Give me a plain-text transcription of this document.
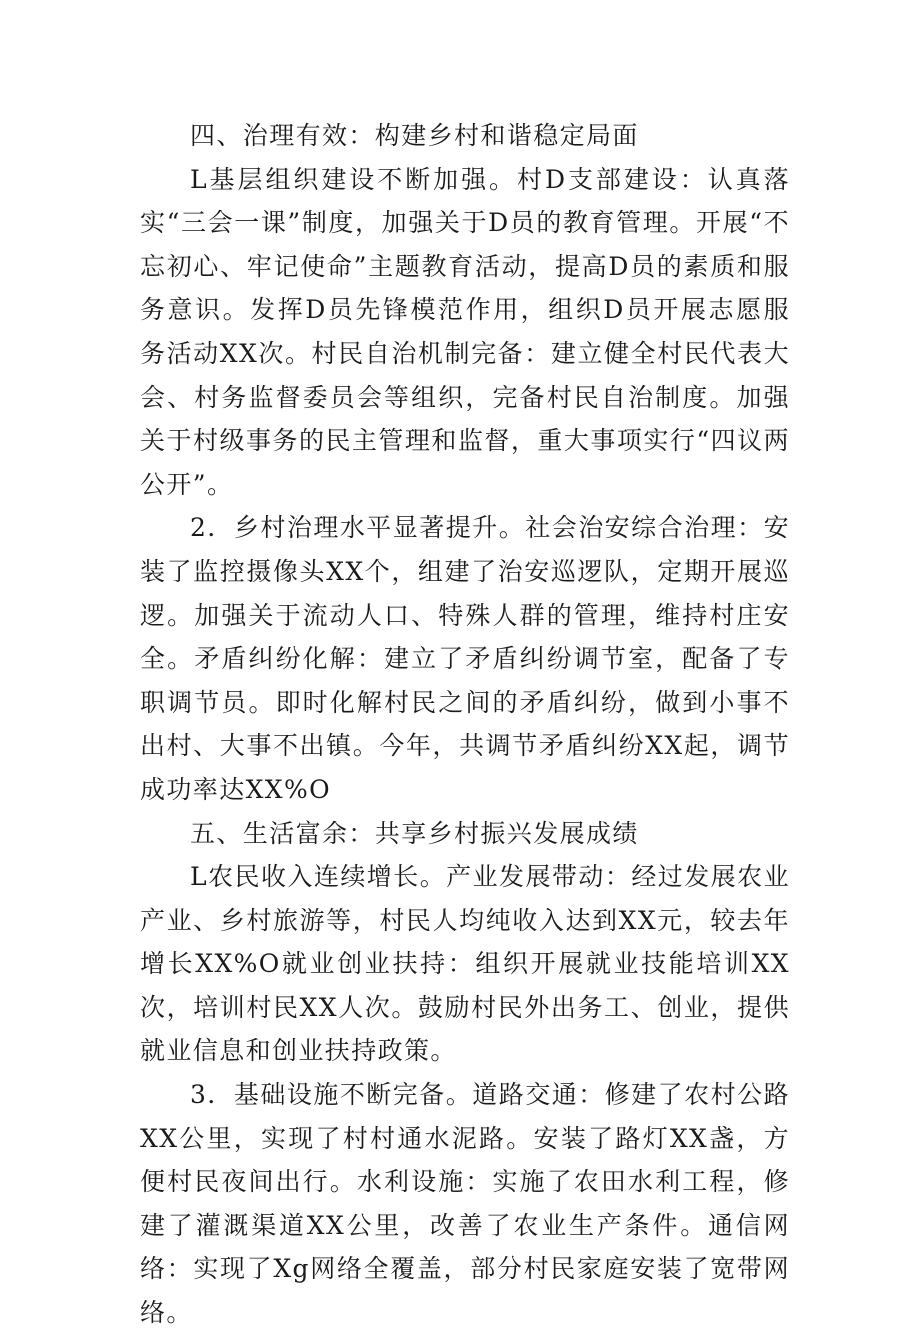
四、治理有效：构建乡村和谐稳定局面

L基层组织建设不断加强。村D支部建设：认真落实“三会一课”制度，加强关于D员的教育管理。开展“不忘初心、牢记使命”主题教育活动，提高D员的素质和服务意识。发挥D员先锋模范作用，组织D员开展志愿服务活动XX次。村民自治机制完备：建立健全村民代表大会、村务监督委员会等组织，完备村民自治制度。加强关于村级事务的民主管理和监督，重大事项实行“四议两公开”。

2．乡村治理水平显著提升。社会治安综合治理：安装了监控摄像头XX个，组建了治安巡逻队，定期开展巡逻。加强关于流动人口、特殊人群的管理，维持村庄安全。矛盾纠纷化解：建立了矛盾纠纷调节室，配备了专职调节员。即时化解村民之间的矛盾纠纷，做到小事不出村、大事不出镇。今年，共调节矛盾纠纷XX起，调节成功率达XX%O

五、生活富余：共享乡村振兴发展成绩

L农民收入连续增长。产业发展带动：经过发展农业产业、乡村旅游等，村民人均纯收入达到XX元，较去年增长XX%O就业创业扶持：组织开展就业技能培训XX次，培训村民XX人次。鼓励村民外出务工、创业，提供就业信息和创业扶持政策。

3．基础设施不断完备。道路交通：修建了农村公路XX公里，实现了村村通水泥路。安装了路灯XX盏，方便村民夜间出行。水利设施：实施了农田水利工程，修建了灌溉渠道XX公里，改善了农业生产条件。通信网络：实现了Xg网络全覆盖，部分村民家庭安装了宽带网络。
